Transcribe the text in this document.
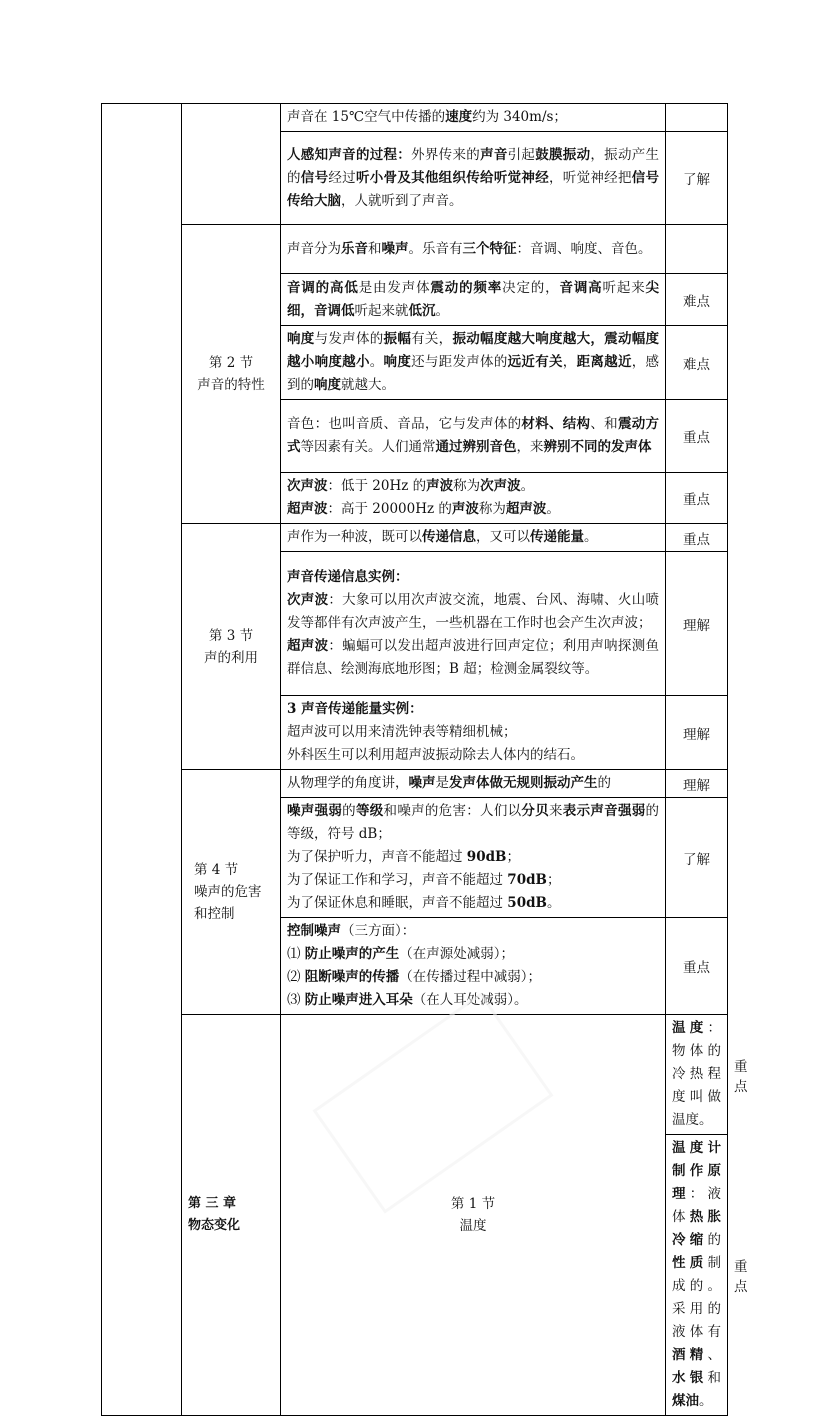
		声音在 15℃空气中传播的速度约为 340m/s；		
		人感知声音的过程：外界传来的声音引起鼓膜振动，振动产生的信号经过听小骨及其他组织传给听觉神经，听觉神经把信号传给大脑，人就听到了声音。	了解	

	第 2 节
声音的特性	声音分为乐音和噪声。乐音有三个特征：音调、响度、音色。		
		音调的高低是由发声体震动的频率决定的，音调高听起来尖细，音调低听起来就低沉。	难点	
		响度与发声体的振幅有关，振动幅度越大响度越大，震动幅度越小响度越小。响度还与距发声体的远近有关，距离越近，感到的响度就越大。	难点	
		音色：也叫音质、音品，它与发声体的材料、结构、和震动方式等因素有关。人们通常通过辨别音色，来辨别不同的发声体	重点	

		次声波：低于 20Hz 的声波称为次声波。
超声波：高于 20000Hz 的声波称为超声波。	重点	

	第 3 节
声的利用	声作为一种波，既可以传递信息，又可以传递能量。	重点	

		声音传递信息实例：
次声波：大象可以用次声波交流，地震、台风、海啸、火山喷发等都伴有次声波产生，一些机器在工作时也会产生次声波；
超声波：蝙蝠可以发出超声波进行回声定位；利用声呐探测鱼群信息、绘测海底地形图；B 超；检测金属裂纹等。	理解	

		3 声音传递能量实例：
超声波可以用来清洗钟表等精细机械；
外科医生可以利用超声波振动除去人体内的结石。	理解	

	第 4 节
噪声的危害
和控制	从物理学的角度讲，噪声是发声体做无规则振动产生的	理解	

		噪声强弱的等级和噪声的危害：人们以分贝来表示声音强弱的等级，符号 dB；
为了保护听力，声音不能超过 90dB；
为了保证工作和学习，声音不能超过 70dB；
为了保证休息和睡眠，声音不能超过 50dB。	了解	

		控制噪声（三方面）：
⑴ 防止噪声的产生（在声源处减弱）；
⑵ 阻断噪声的传播（在传播过程中减弱）；
⑶ 防止噪声进入耳朵（在人耳处减弱）。	重点	

	第 三 章
物态变化	第 1 节
温度	温度：物体的冷热程度叫做温度。	重点
			温度计制作原理：液体热胀冷缩的性质制成的。采用的液体有酒精、水银和煤油。	重点
